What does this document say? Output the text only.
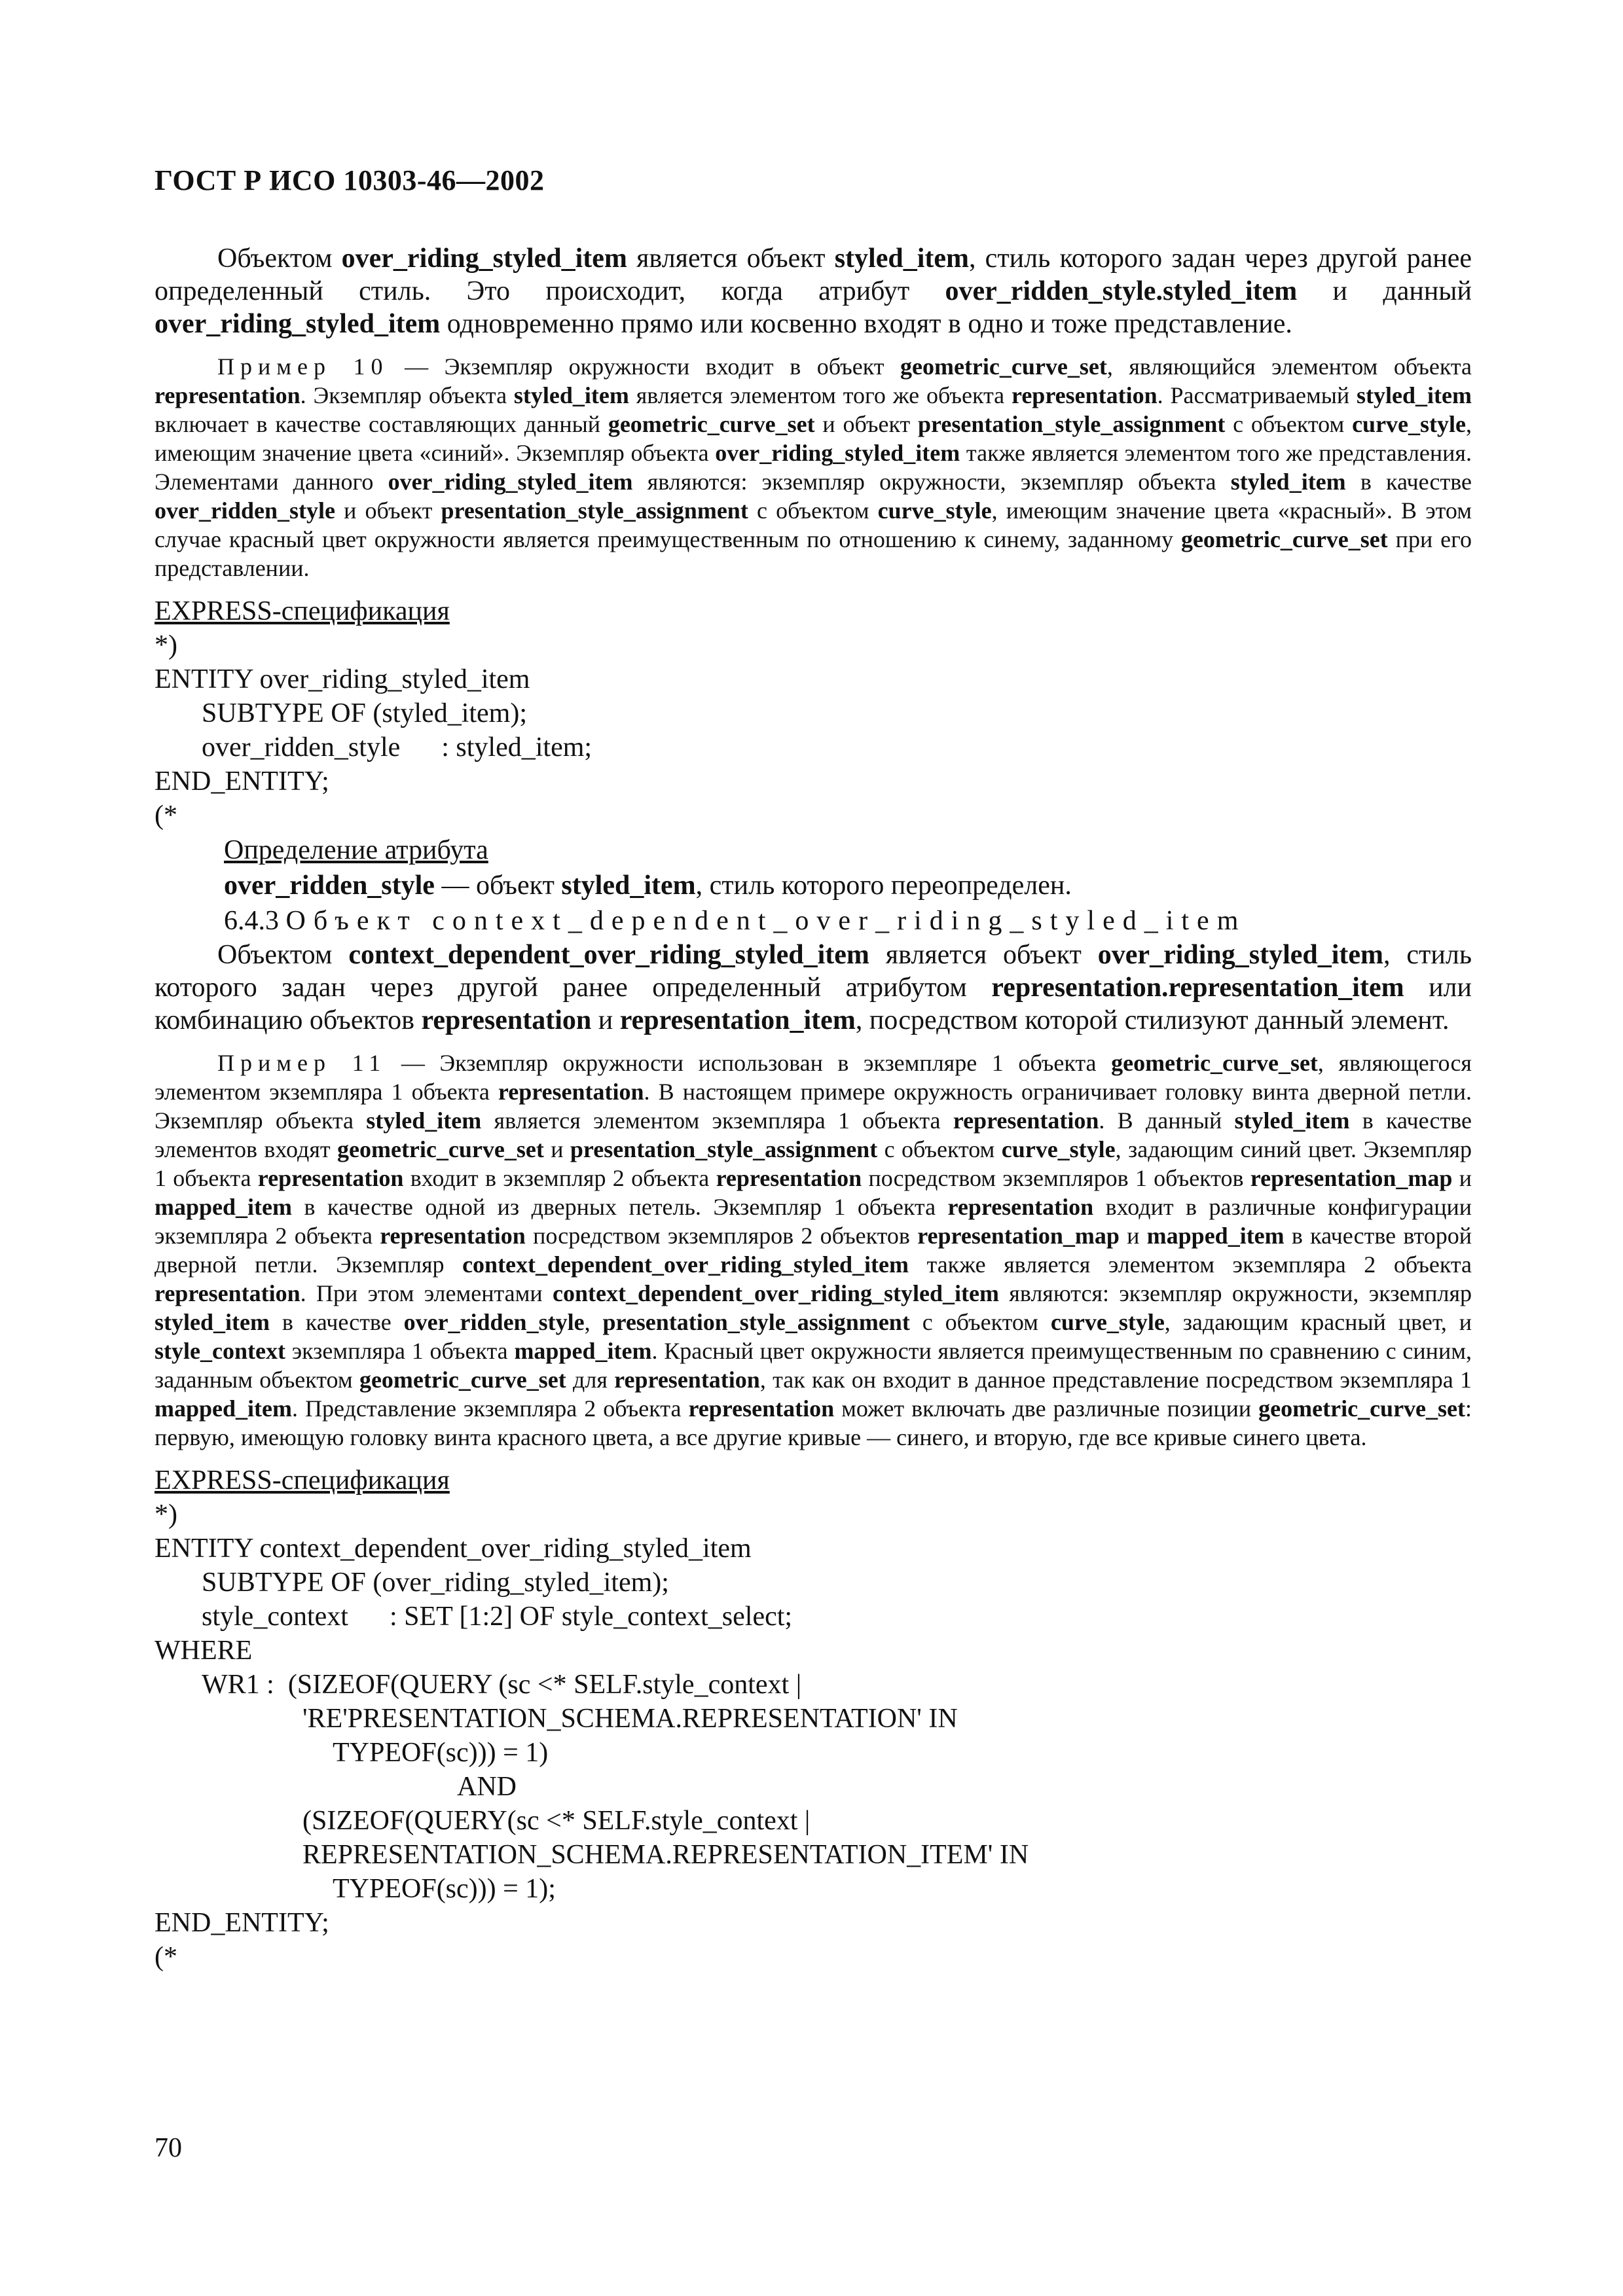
ГОСТ Р ИСО 10303-46—2002

Объектом over_riding_styled_item является объект styled_item, стиль которого задан через другой ранее определенный стиль. Это происходит, когда атрибут over_ridden_style.styled_item и данный over_riding_styled_item одновременно прямо или косвенно входят в одно и тоже представление.

Пример 10 — Экземпляр окружности входит в объект geometric_curve_set, являющийся элементом объекта representation. Экземпляр объекта styled_item является элементом того же объекта representation. Рассматриваемый styled_item включает в качестве составляющих данный geometric_curve_set и объект presentation_style_assignment с объектом curve_style, имеющим значение цвета «синий». Экземпляр объекта over_riding_styled_item также является элементом того же представления. Элементами данного over_riding_styled_item являются: экземпляр окружности, экземпляр объекта styled_item в качестве over_ridden_style и объект presentation_style_assignment с объектом curve_style, имеющим значение цвета «красный». В этом случае красный цвет окружности является преимущественным по отношению к синему, заданному geometric_curve_set при его представлении.

EXPRESS-спецификация
*)
ENTITY over_riding_styled_item
SUBTYPE OF (styled_item);
over_ridden_style      : styled_item;
END_ENTITY;
(*
Определение атрибута
over_ridden_style — объект styled_item, стиль которого переопределен.
6.4.3 Объект context_dependent_over_riding_styled_item

Объектом context_dependent_over_riding_styled_item является объект over_riding_styled_item, стиль которого задан через другой ранее определенный атрибутом representation.representation_item или комбинацию объектов representation и representation_item, посредством которой стилизуют данный элемент.

Пример 11 — Экземпляр окружности использован в экземпляре 1 объекта geometric_curve_set, являющегося элементом экземпляра 1 объекта representation. В настоящем примере окружность ограничивает головку винта дверной петли. Экземпляр объекта styled_item является элементом экземпляра 1 объекта representation. В данный styled_item в качестве элементов входят geometric_curve_set и presentation_style_assignment с объектом curve_style, задающим синий цвет. Экземпляр 1 объекта representation входит в экземпляр 2 объекта representation посредством экземпляров 1 объектов representation_map и mapped_item в качестве одной из дверных петель. Экземпляр 1 объекта representation входит в различные конфигурации экземпляра 2 объекта representation посредством экземпляров 2 объектов representation_map и mapped_item в качестве второй дверной петли. Экземпляр context_dependent_over_riding_styled_item также является элементом экземпляра 2 объекта representation. При этом элементами context_dependent_over_riding_styled_item являются: экземпляр окружности, экземпляр styled_item в качестве over_ridden_style, presentation_style_assignment с объектом curve_style, задающим красный цвет, и style_context экземпляра 1 объекта mapped_item. Красный цвет окружности является преимущественным по сравнению с синим, заданным объектом geometric_curve_set для representation, так как он входит в данное представление посредством экземпляра 1 mapped_item. Представление экземпляра 2 объекта representation может включать две различные позиции geometric_curve_set: первую, имеющую головку винта красного цвета, а все другие кривые — синего, и вторую, где все кривые синего цвета.

EXPRESS-спецификация
*)
ENTITY context_dependent_over_riding_styled_item
SUBTYPE OF (over_riding_styled_item);
style_context      : SET [1:2] OF style_context_select;
WHERE
WR1 :  (SIZEOF(QUERY (sc <* SELF.style_context |
'RE'PRESENTATION_SCHEMA.REPRESENTATION' IN
TYPEOF(sc))) = 1)
AND
(SIZEOF(QUERY(sc <* SELF.style_context |
REPRESENTATION_SCHEMA.REPRESENTATION_ITEM' IN
TYPEOF(sc))) = 1);
END_ENTITY;
(*
70
